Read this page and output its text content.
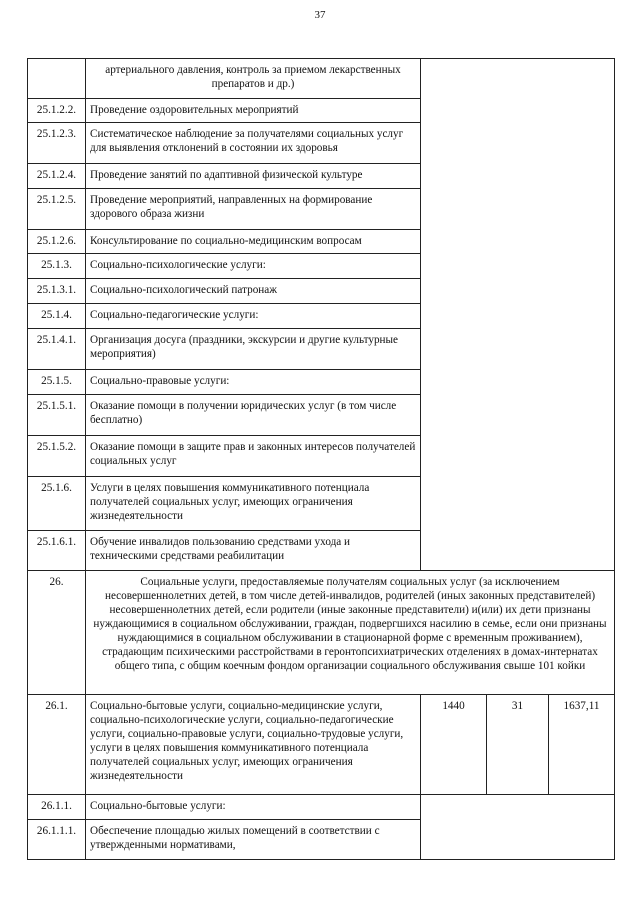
37
	артериального давления, контроль за приемом лекарственных препаратов и др.)			
25.1.2.2.	Проведение оздоровительных мероприятий			
25.1.2.3.	Систематическое наблюдение за получателями социальных услуг для выявления отклонений в состоянии их здоровья			
25.1.2.4.	Проведение занятий по адаптивной физической культуре			
25.1.2.5.	Проведение мероприятий, направленных на формирование здорового образа жизни			
25.1.2.6.	Консультирование по социально-медицинским вопросам			
25.1.3.	Социально-психологические услуги:			
25.1.3.1.	Социально-психологический патронаж			
25.1.4.	Социально-педагогические услуги:			
25.1.4.1.	Организация досуга (праздники, экскурсии и другие культурные мероприятия)			
25.1.5.	Социально-правовые услуги:			
25.1.5.1.	Оказание помощи в получении юридических услуг (в том числе бесплатно)			
25.1.5.2.	Оказание помощи в защите прав и законных интересов получателей социальных услуг			
25.1.6.	Услуги в целях повышения коммуникативного потенциала получателей социальных услуг, имеющих ограничения жизнедеятельности			
25.1.6.1.	Обучение инвалидов пользованию средствами ухода и техническими средствами реабилитации			
26.	Социальные услуги, предоставляемые получателям социальных услуг (за исключением несовершеннолетних детей, в том числе детей-инвалидов, родителей (иных законных представителей) несовершеннолетних детей, если родители (иные законные представители) и(или) их дети признаны нуждающимися в социальном обслуживании, граждан, подвергшихся насилию в семье, если они признаны нуждающимися в социальном обслуживании в стационарной форме с временным проживанием), страдающим психическими расстройствами в геронтопсихиатрических отделениях в домах-интернатах общего типа, с общим коечным фондом организации социального обслуживания свыше 101 койки			
26.1.	Социально-бытовые услуги, социально-медицинские услуги, социально-психологические услуги, социально-педагогические услуги, социально-правовые услуги, социально-трудовые услуги, услуги в целях повышения коммуникативного потенциала получателей социальных услуг, имеющих ограничения жизнедеятельности	1440	31	1637,11
26.1.1.	Социально-бытовые услуги:			
26.1.1.1.	Обеспечение площадью жилых помещений в соответствии с утвержденными нормативами,			
